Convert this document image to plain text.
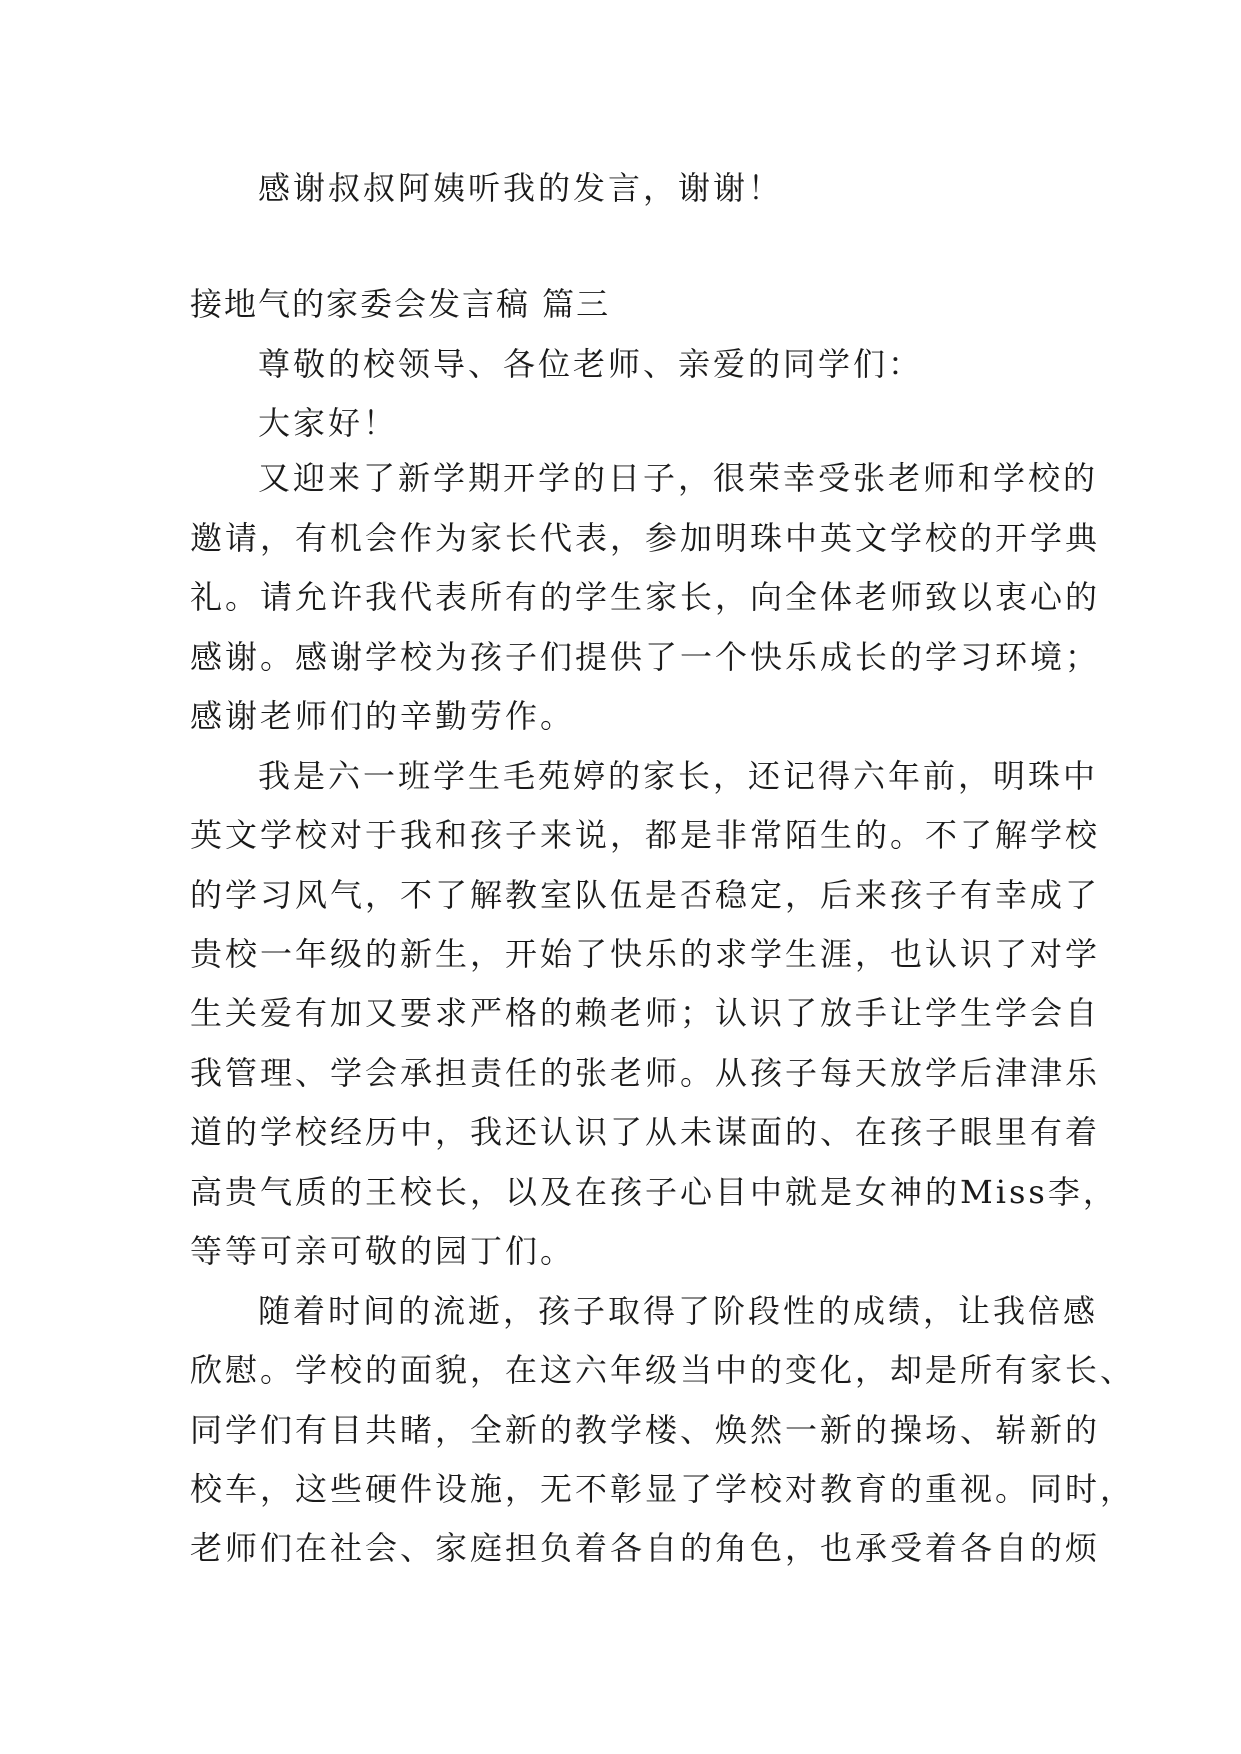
感谢叔叔阿姨听我的发言，谢谢！
接地气的家委会发言稿 篇三
尊敬的校领导、各位老师、亲爱的同学们：
大家好！
又迎来了新学期开学的日子，很荣幸受张老师和学校的
邀请，有机会作为家长代表，参加明珠中英文学校的开学典
礼。请允许我代表所有的学生家长，向全体老师致以衷心的
感谢。感谢学校为孩子们提供了一个快乐成长的学习环境；
感谢老师们的辛勤劳作。
我是六一班学生毛苑婷的家长，还记得六年前，明珠中
英文学校对于我和孩子来说，都是非常陌生的。不了解学校
的学习风气，不了解教室队伍是否稳定，后来孩子有幸成了
贵校一年级的新生，开始了快乐的求学生涯，也认识了对学
生关爱有加又要求严格的赖老师；认识了放手让学生学会自
我管理、学会承担责任的张老师。从孩子每天放学后津津乐
道的学校经历中，我还认识了从未谋面的、在孩子眼里有着
高贵气质的王校长，以及在孩子心目中就是女神的Miss李，
等等可亲可敬的园丁们。
随着时间的流逝，孩子取得了阶段性的成绩，让我倍感
欣慰。学校的面貌，在这六年级当中的变化，却是所有家长、
同学们有目共睹，全新的教学楼、焕然一新的操场、崭新的
校车，这些硬件设施，无不彰显了学校对教育的重视。同时，
老师们在社会、家庭担负着各自的角色，也承受着各自的烦
